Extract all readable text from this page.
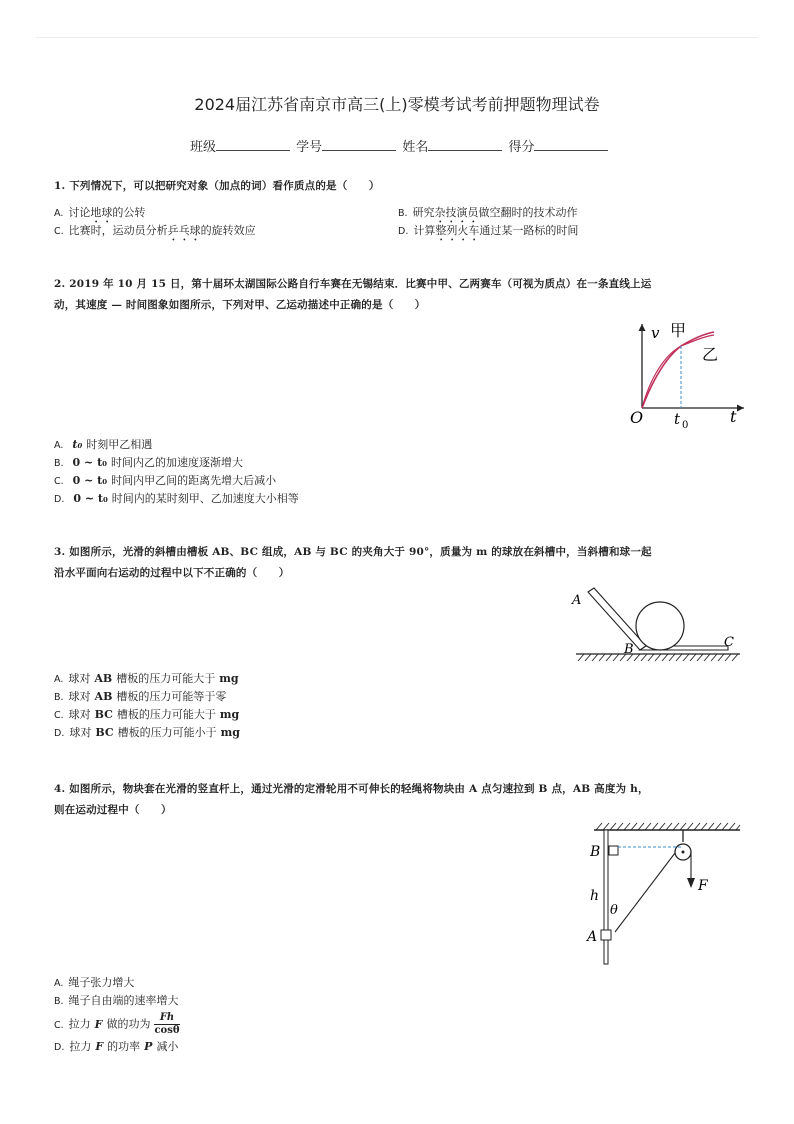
2024届江苏省南京市高三(上)零模考试考前押题物理试卷
班级	学号	姓名	得分
1. 下列情况下，可以把研究对象（加点的词）看作质点的是（　　）
A. 讨论地球的公转	B. 研究杂技演员做空翻时的技术动作
C. 比赛时，运动员分析乒乓球的旋转效应	D. 计算整列火车通过某一路标的时间
2. 2019 年 10 月 15 日，第十届环太湖国际公路自行车赛在无锡结束．比赛中甲、乙两赛车（可视为质点）在一条直线上运
动，其速度 — 时间图象如图所示，下列对甲、乙运动描述中正确的是（　　）
v 甲
乙
O t 0	t
A. t₀ 时刻甲乙相遇
B. 0 ~ t₀ 时间内乙的加速度逐渐增大
C. 0 ~ t₀ 时间内甲乙间的距离先增大后减小
D. 0 ~ t₀ 时间内的某时刻甲、乙加速度大小相等
3. 如图所示，光滑的斜槽由槽板 AB、BC 组成，AB 与 BC 的夹角大于 90°，质量为 m 的球放在斜槽中，当斜槽和球一起
沿水平面向右运动的过程中以下不正确的（　　）
A
B	C
A. 球对 AB 槽板的压力可能大于 mg
B. 球对 AB 槽板的压力可能等于零
C. 球对 BC 槽板的压力可能大于 mg
D. 球对 BC 槽板的压力可能小于 mg
4. 如图所示，物块套在光滑的竖直杆上，通过光滑的定滑轮用不可伸长的轻绳将物块由 A 点匀速拉到 B 点，AB 高度为 h，
则在运动过程中（　　）
B
h
θ
A
F
A. 绳子张力增大
B. 绳子自由端的速率增大
C. 拉力 F 做的功为 $\frac{Fh}{\cos\theta}$
D. 拉力 F 的功率 P 减小
